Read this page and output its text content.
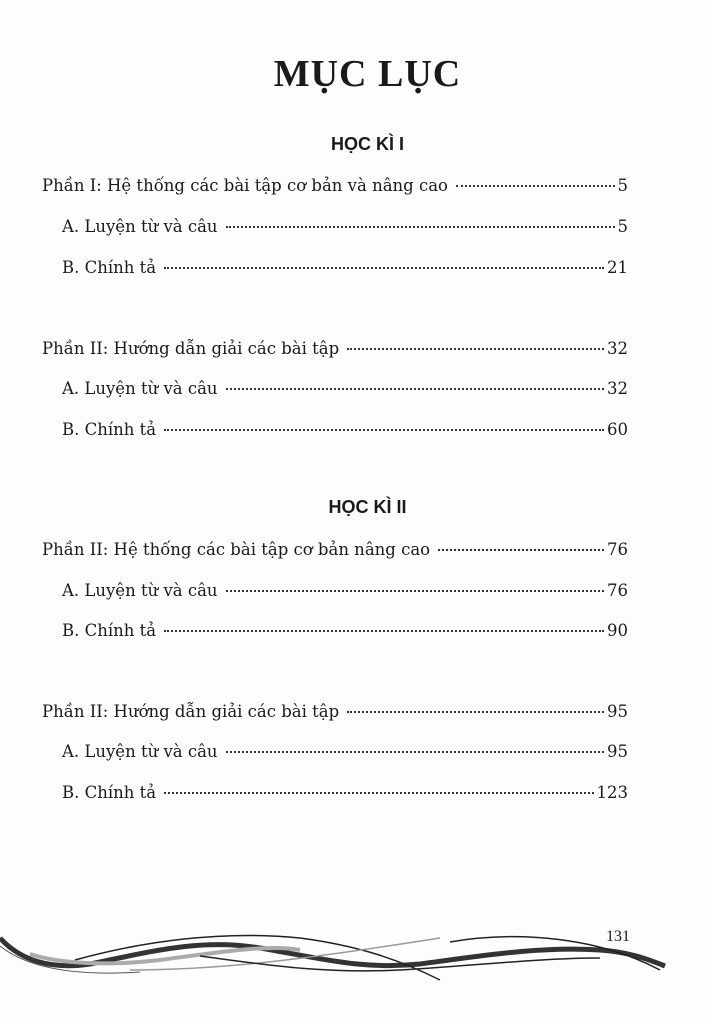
MỤC LỤC
HỌC KÌ I
Phần I: Hệ thống các bài tập cơ bản và nâng cao	5
A. Luyện từ và câu	5
B. Chính tả	21
Phần II: Hướng dẫn giải các bài tập	32
A. Luyện từ và câu	32
B. Chính tả	60
HỌC KÌ II
Phần II: Hệ thống các bài tập cơ bản nâng cao	76
A. Luyện từ và câu	76
B. Chính tả	90
Phần II: Hướng dẫn giải các bài tập	95
A. Luyện từ và câu	95
B. Chính tả	123
131
